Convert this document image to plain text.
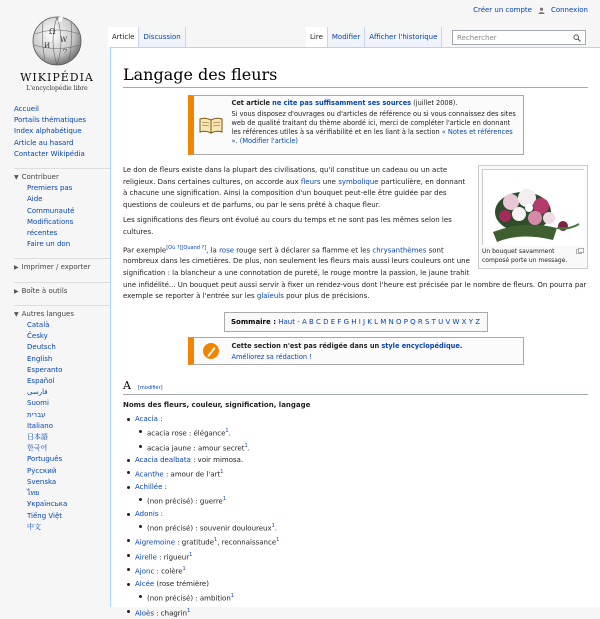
Créer un compte	Connexion
Ω
W
И
ウ
WIKIPÉDIA
L'encyclopédie libre
Accueil
Portails thématiques
Index alphabétique
Article au hasard
Contacter Wikipédia
▼ Contribuer
Premiers pas
Aide
Communauté
Modifications récentes
Faire un don
▶ Imprimer / exporter
▶ Boîte à outils
▼ Autres langues
Català
Česky
Deutsch
English
Esperanto
Español
فارسی
Suomi
עברית
Italiano
日本語
한국어
Português
Русский
Svenska
ไทย
Українська
Tiếng Việt
中文
Article	Discussion	Lire	Modifier	Afficher l'historique	Rechercher
Langage des fleurs
Cet article ne cite pas suffisamment ses sources (juillet 2008).
Si vous disposez d'ouvrages ou d'articles de référence ou si vous connaissez des sites web de qualité traitant du thème abordé ici, merci de compléter l'article en donnant les références utiles à sa vérifiabilité et en les liant à la section « Notes et références ». (Modifier l'article)
Un bouquet savamment composé porte un message.

Le don de fleurs existe dans la plupart des civilisations, qu'il constitue un cadeau ou un acte religieux. Dans certaines cultures, on accorde aux fleurs une symbolique particulière, en donnant à chacune une signification. Ainsi la composition d'un bouquet peut-elle être guidée par des questions de couleurs et de parfums, ou par le sens prêté à chaque fleur.

Les significations des fleurs ont évolué au cours du temps et ne sont pas les mêmes selon les cultures.

Par exemple[Où ?][Quand ?], la rose rouge sert à déclarer sa flamme et les chrysanthèmes sont nombreux dans les cimetières. De plus, non seulement les fleurs mais aussi leurs couleurs ont une signification : la blancheur a une connotation de pureté, le rouge montre la passion, le jaune trahit une infidélité... Un bouquet peut aussi servir à fixer un rendez-vous dont l'heure est précisée par le nombre de fleurs. On pourra par exemple se reporter à l'entrée sur les glaïeuls pour plus de précisions.

Sommaire : Haut - A B C D E F G H I J K L M N O P Q R S T U V W X Y Z
Cette section n'est pas rédigée dans un style encyclopédique.
Améliorez sa rédaction !
A [modifier]
Noms des fleurs, couleur, signification, langage
Acacia :
acacia rose : élégance$^1$.
acacia jaune : amour secret$^1$.
Acacia dealbata : voir mimosa.
Acanthe : amour de l'art$^1$
Achillée :
(non précisé) : guerre$^1$
Adonis :
(non précisé) : souvenir douloureux$^1$.
Aigremoine : gratitude$^1$, reconnaissance$^1$
Airelle : rigueur$^1$
Ajonc : colère$^1$
Alcée (rose trémière)
(non précisé) : ambition$^1$
Aloès : chagrin$^1$
